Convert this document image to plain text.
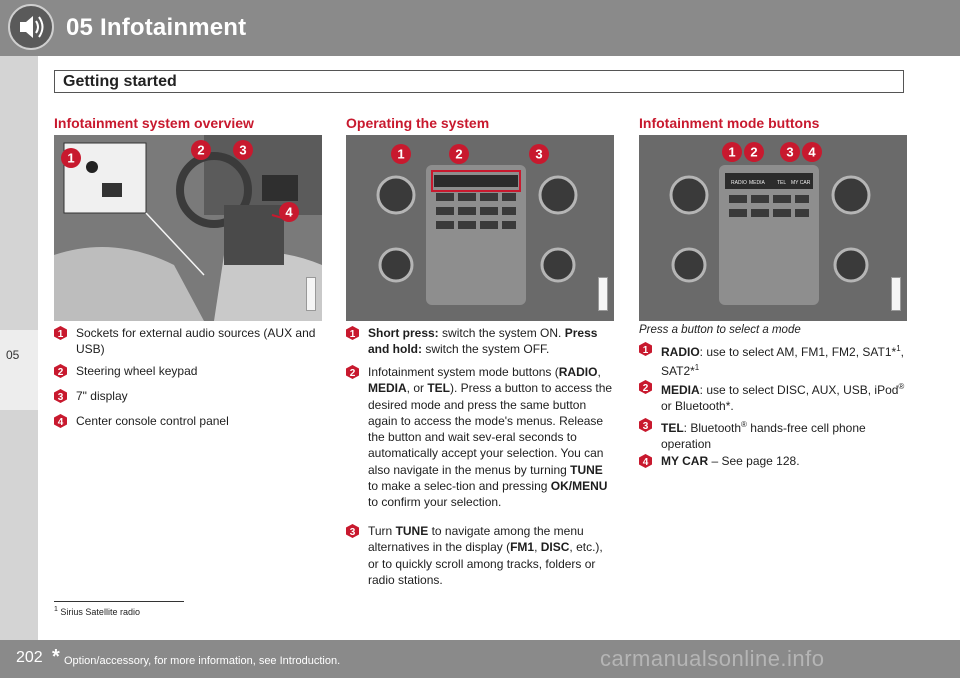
05 Infotainment
05
Getting started
Infotainment system overview	Operating the system	Infotainment mode buttons
1
2	3
4
1	2	3
RADIO MEDIA TEL MY CAR
1 2 3 4
1	Sockets for external audio sources (AUX and USB)
2	Steering wheel keypad
3	7" display
4	Center console control panel
1	Short press: switch the system ON. Press and hold: switch the system OFF.
2	Infotainment system mode buttons (RADIO, MEDIA, or TEL). Press a button to access the desired mode and press the same button again to access the mode's menus. Release the button and wait sev-eral seconds to automatically accept your selection. You can also navigate in the menus by turning TUNE to make a selec-tion and pressing OK/MENU to confirm your selection.
3	Turn TUNE to navigate among the menu alternatives in the display (FM1, DISC, etc.), or to quickly scroll among tracks, folders or radio stations.
Press a button to select a mode
1	RADIO: use to select AM, FM1, FM2, SAT1*$^1$, SAT2*$^1$
2	MEDIA: use to select DISC, AUX, USB, iPod® or Bluetooth*.
3	TEL: Bluetooth® hands-free cell phone operation
4	MY CAR – See page 128.
$^1$ Sirius Satellite radio
202 * Option/accessory, for more information, see Introduction.	carmanualsonline.info
